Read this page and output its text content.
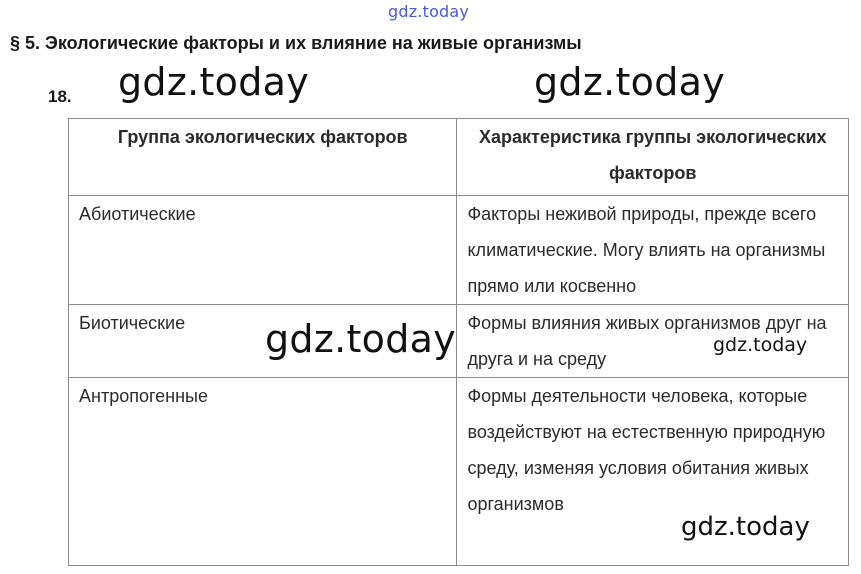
gdz.today
§ 5. Экологические факторы и их влияние на живые организмы
18.
Группа экологических факторов	Характеристика группы экологических факторов
Абиотические	Факторы неживой природы, прежде всего климатические. Могу влиять на организмы прямо или косвенно
Биотические	Формы влияния живых организмов друг на друга и на среду
Антропогенные	Формы деятельности человека, которые воздействуют на естественную природную среду, изменяя условия обитания живых организмов
gdz.today	gdz.today
gdz.today	gdz.today
gdz.today
